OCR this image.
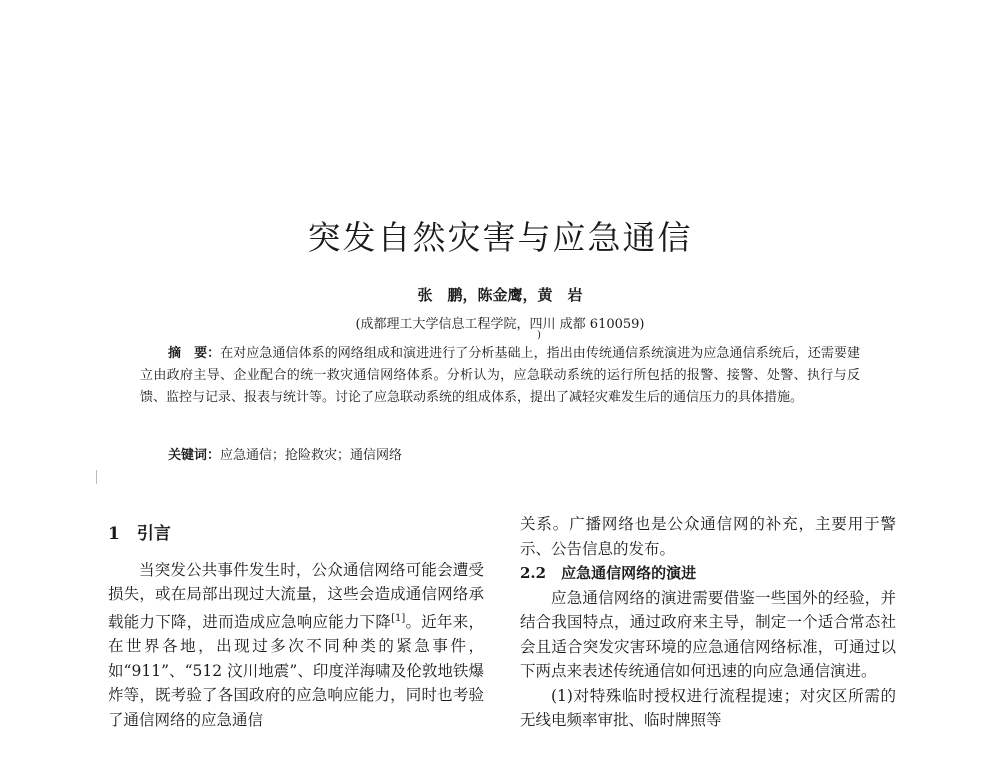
)
突发自然灾害与应急通信
张　鹏，陈金鹰，黄　岩
(成都理工大学信息工程学院，四川 成都 610059)
摘　要：在对应急通信体系的网络组成和演进进行了分析基础上，指出由传统通信系统演进为应急通信系统后，还需要建立由政府主导、企业配合的统一救灾通信网络体系。分析认为，应急联动系统的运行所包括的报警、接警、处警、执行与反馈、监控与记录、报表与统计等。讨论了应急联动系统的组成体系，提出了减轻灾难发生后的通信压力的具体措施。
关键词：应急通信；抢险救灾；通信网络
1　引言

当突发公共事件发生时，公众通信网络可能会遭受损失，或在局部出现过大流量，这些会造成通信网络承载能力下降，进而造成应急响应能力下降[1]。近年来，在世界各地，出现过多次不同种类的紧急事件，如“911”、“512 汶川地震”、印度洋海啸及伦敦地铁爆炸等，既考验了各国政府的应急响应能力，同时也考验了通信网络的应急通信

关系。广播网络也是公众通信网的补充，主要用于警示、公告信息的发布。

2.2　应急通信网络的演进

应急通信网络的演进需要借鉴一些国外的经验，并结合我国特点，通过政府来主导，制定一个适合常态社会且适合突发灾害环境的应急通信网络标准，可通过以下两点来表述传统通信如何迅速的向应急通信演进。

(1)对特殊临时授权进行流程提速；对灾区所需的无线电频率审批、临时牌照等
